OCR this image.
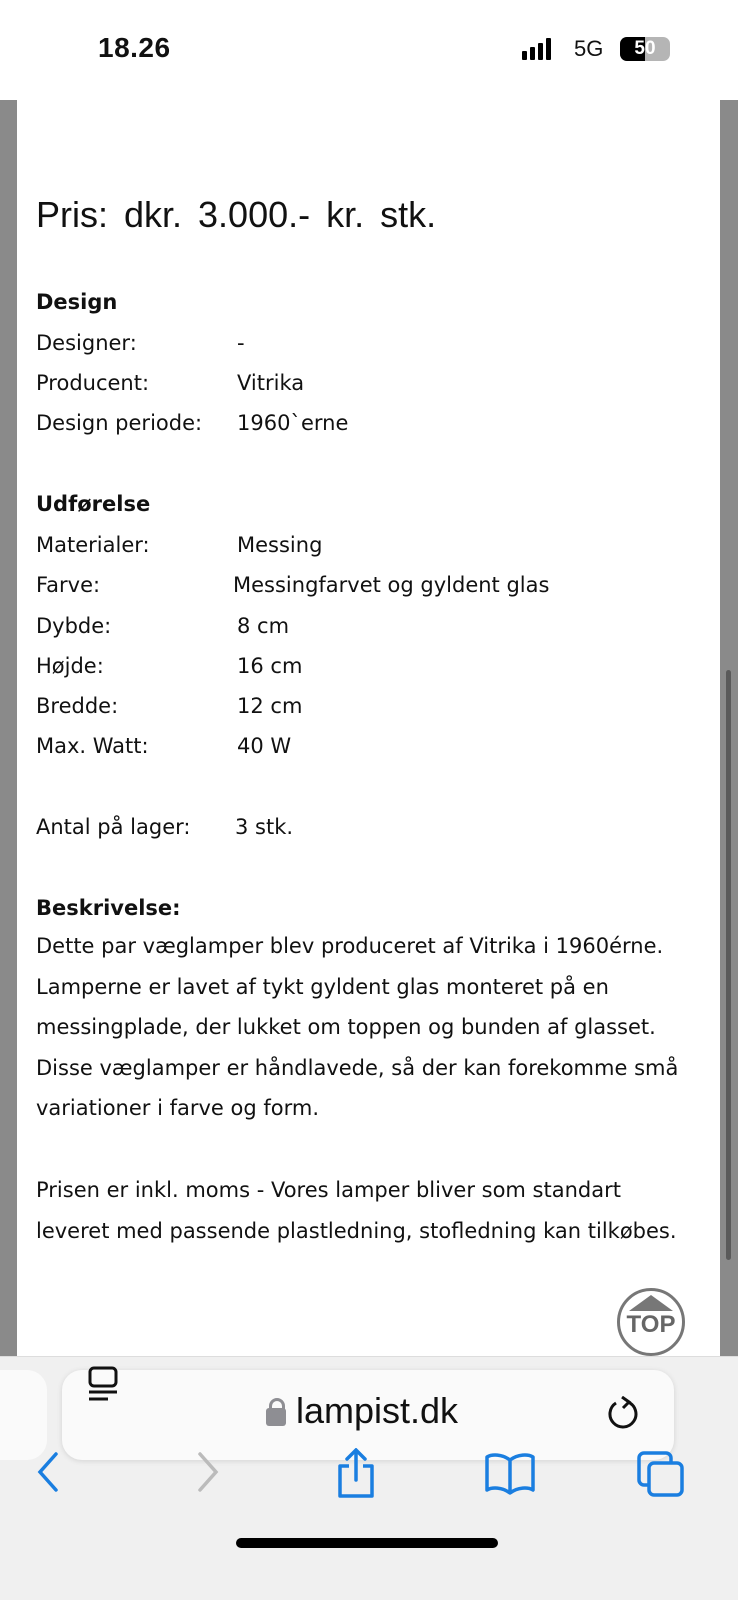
18.26	5G	50
Pris: dkr. 3.000.- kr. stk.
Design
Designer:	-
Producent:	Vitrika
Design periode: 1960`erne
Udførelse
Materialer:	Messing
Farve:	Messingfarvet og gyldent glas
Dybde:	8 cm
Højde:	16 cm
Bredde:	12 cm
Max. Watt:	40 W
Antal på lager: 3 stk.
Beskrivelse:
Dette par væglamper blev produceret af Vitrika i 1960érne. Lamperne er lavet af tykt gyldent glas monteret på en messingplade, der lukket om toppen og bunden af glasset. Disse væglamper er håndlavede, så der kan forekomme små variationer i farve og form.
Prisen er inkl. moms - Vores lamper bliver som standart leveret med passende plastledning, stofledning kan tilkøbes.
TOP
lampist.dk
